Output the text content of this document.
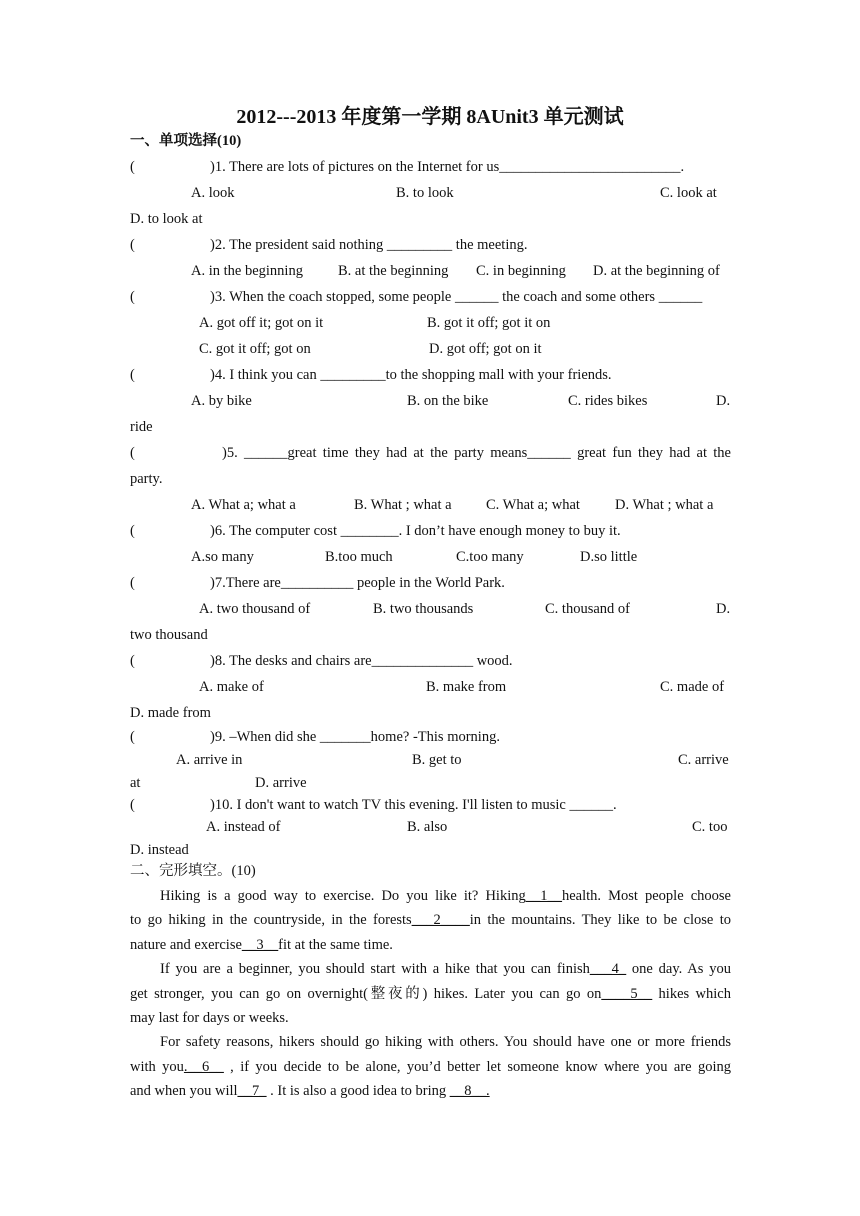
2012---2013 年度第一学期 8AUnit3 单元测试
一、单项选择(10)
(	)1. There are lots of pictures on the Internet for us_________________________.
A. look	B. to look	C. look at
D. to look at
(	)2. The president said nothing _________ the meeting.
A. in the beginning B. at the beginning C. in beginning D. at the beginning of
(	)3. When the coach stopped, some people ______ the coach and some others ______
A. got off it; got on it	B. got it off; got it on
C. got it off; got on	D. got off; got on it
(	)4. I think you can _________to the shopping mall with your friends.
A. by bike	B. on the bike	C. rides bikes	D.
ride
(	)5. ______great time they had at the party means______ great fun they had at the
party.
A. What a; what a	B. What ; what a C. What a; what D. What ; what a
(	)6. The computer cost ________. I don’t have enough money to buy it.
A.so many	B.too much	C.too many	D.so little
(	)7.There are__________ people in the World Park.
A. two thousand of	B. two thousands	C. thousand of	D.
two thousand
(	)8. The desks and chairs are______________ wood.
A. make of	B. make from	C. made of
D. made from
(	)9. –When did she _______home? -This morning.
A. arrive in	B. get to	C. arrive
at	D. arrive
(	)10. I don't want to watch TV this evening. I'll listen to music ______.
A. instead of	B. also	C. too
D. instead
二、完形填空。(10)
Hiking is a good way to exercise. Do you like it? Hiking__1__health. Most people choose
to go hiking in the countryside, in the forests___2____in the mountains. They like to be close to
nature and exercise__3__fit at the same time.
If you are a beginner, you should start with a hike that you can finish___4_ one day. As you
get stronger, you can go on overnight(整夜的) hikes. Later you can go on____5__ hikes which
may last for days or weeks.
For safety reasons, hikers should go hiking with others. You should have one or more friends
with you.__6__ , if you decide to be alone, you’d better let someone know where you are going
and when you will__7_ . It is also a good idea to bring __8__.
